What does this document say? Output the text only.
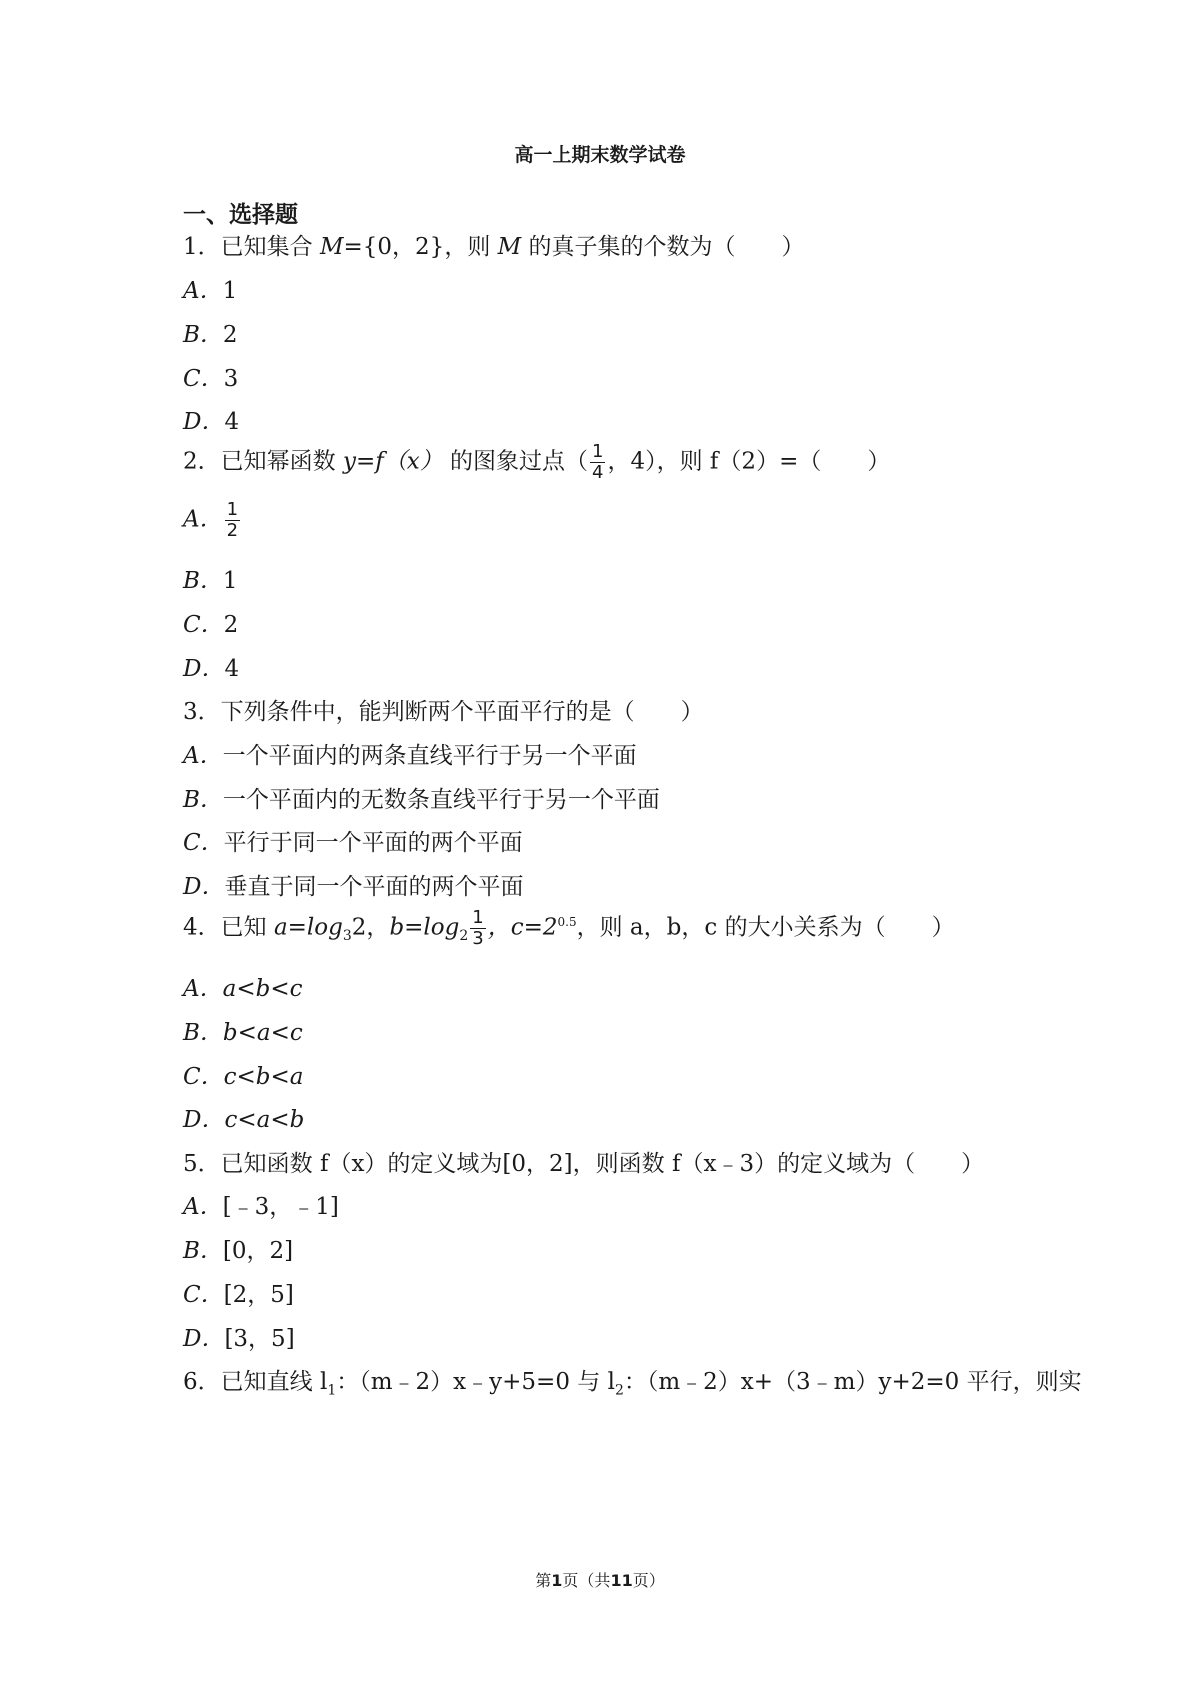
高一上期末数学试卷
一、选择题
1．已知集合 M={0，2}，则 M 的真子集的个数为（　　）
A．1
B．2
C．3
D．4
2．已知幂函数 y=f（x） 的图象过点（ $\frac{1}{4}$ ，4），则 f（2）=（　　）
A． $\frac{1}{2}$
B．1
C．2
D．4
3．下列条件中，能判断两个平面平行的是（　　）
A．一个平面内的两条直线平行于另一个平面
B．一个平面内的无数条直线平行于另一个平面
C．平行于同一个平面的两个平面
D．垂直于同一个平面的两个平面
4．已知 $a=\log_32$，$b=\log_2 \frac{1}{3}$ ，$c=2^{0.5}$，则 a，b，c 的大小关系为（　　）
A．a<b<c
B．b<a<c
C．c<b<a
D．c<a<b
5．已知函数 f（x）的定义域为[0，2]，则函数 f（x﹣3）的定义域为（　　）
A．[﹣3，﹣1]
B．[0，2]
C．[2，5]
D．[3，5]
6．已知直线 $l_1$：（m﹣2）x﹣y+5=0 与 $l_2$：（m﹣2）x+（3﹣m）y+2=0 平行，则实
第1页（共11页）
